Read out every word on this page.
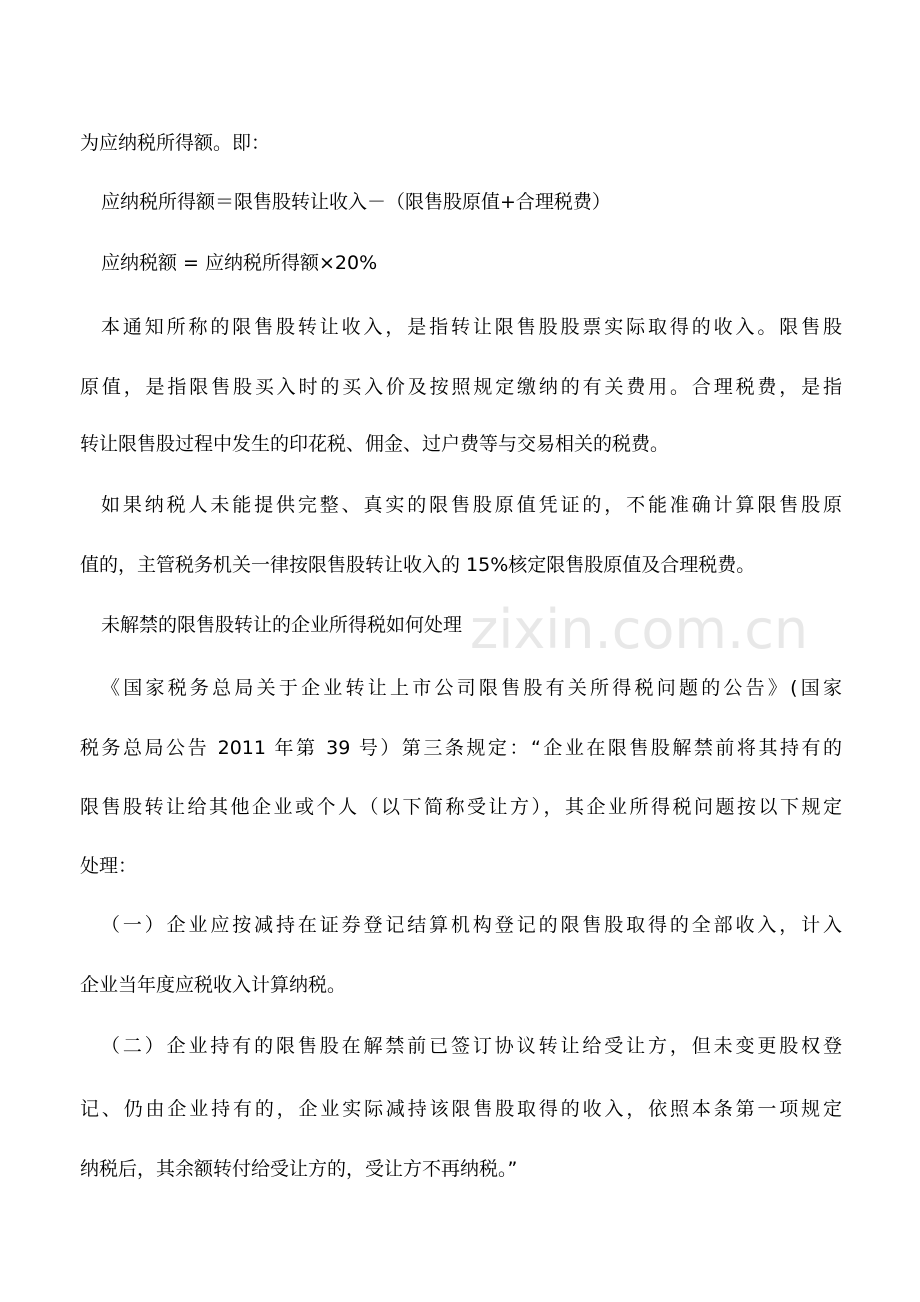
为应纳税所得额。即：
应纳税所得额＝限售股转让收入－（限售股原值+合理税费）
应纳税额 = 应纳税所得额×20%
本通知所称的限售股转让收入，是指转让限售股股票实际取得的收入。限售股
原值，是指限售股买入时的买入价及按照规定缴纳的有关费用。合理税费，是指
转让限售股过程中发生的印花税、佣金、过户费等与交易相关的税费。
如果纳税人未能提供完整、真实的限售股原值凭证的，不能准确计算限售股原
值的，主管税务机关一律按限售股转让收入的 15%核定限售股原值及合理税费。
未解禁的限售股转让的企业所得税如何处理
《国家税务总局关于企业转让上市公司限售股有关所得税问题的公告》(国家
税务总局公告 2011 年第 39 号）第三条规定：“企业在限售股解禁前将其持有的
限售股转让给其他企业或个人（以下简称受让方），其企业所得税问题按以下规定
处理：
（一）企业应按减持在证券登记结算机构登记的限售股取得的全部收入，计入
企业当年度应税收入计算纳税。
（二）企业持有的限售股在解禁前已签订协议转让给受让方，但未变更股权登
记、仍由企业持有的，企业实际减持该限售股取得的收入，依照本条第一项规定
纳税后，其余额转付给受让方的，受让方不再纳税。”
zixin.com.cn
